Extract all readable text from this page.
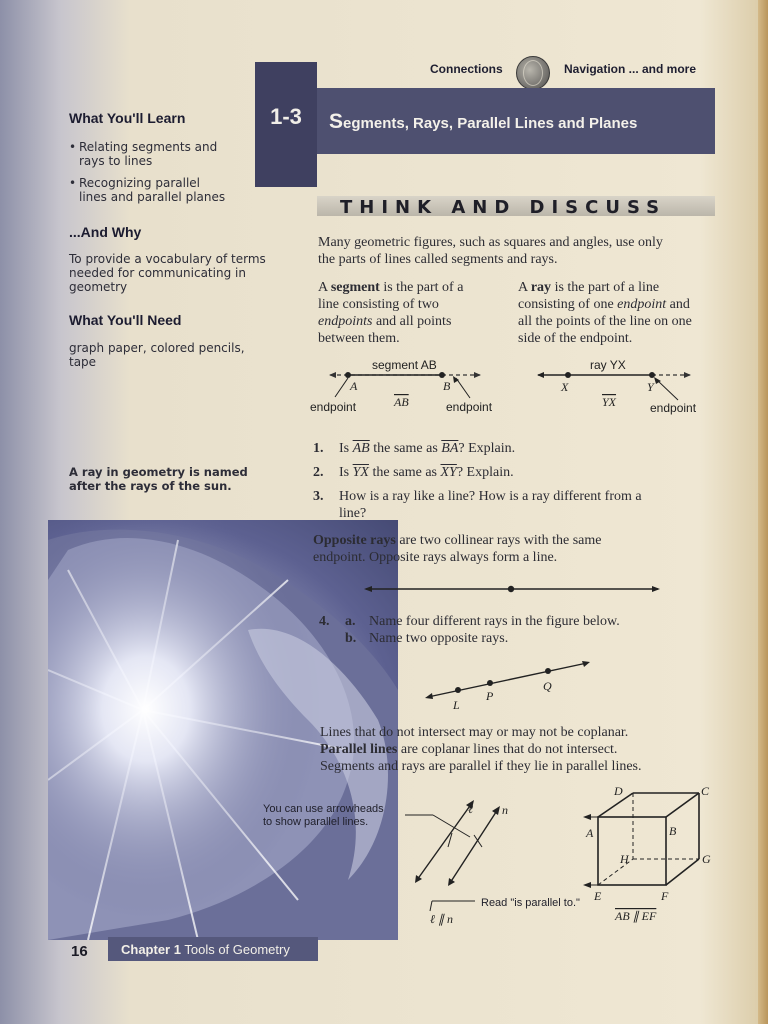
Connections	Navigation ... and more
1-3	Segments, Rays, Parallel Lines and Planes
What You'll Learn
• Relating segments and
rays to lines
• Recognizing parallel
lines and parallel planes
...And Why
To provide a vocabulary of terms
needed for communicating in
geometry
What You'll Need
graph paper, colored pencils,
tape
A ray in geometry is named
after the rays of the sun.
THINK AND DISCUSS
Many geometric figures, such as squares and angles, use only
the parts of lines called segments and rays.
A segment is the part of a
line consisting of two
endpoints and all points
between them.
A ray is the part of a line
consisting of one endpoint and
all the points of the line on one
side of the endpoint.
segment AB
A	B
endpoint	AB	endpoint
ray YX
X	Y
YX	endpoint
1. Is $\overline{AB}$ the same as $\overline{BA}$? Explain.
2. Is $\overline{YX}$ the same as $\overline{XY}$? Explain.
3. How is a ray like a line? How is a ray different from a
line?
Opposite rays are two collinear rays with the same
endpoint. Opposite rays always form a line.
4. a. Name four different rays in the figure below.
b. Name two opposite rays.
L
P
Q
Lines that do not intersect may or may not be coplanar.
Parallel lines are coplanar lines that do not intersect.
Segments and rays are parallel if they lie in parallel lines.
You can use arrowheads
to show parallel lines.
ℓ n
ℓ ∥ n
Read "is parallel to."
A	B
C
D
E	F
G
H
AB ∥ EF
16	Chapter 1 Tools of Geometry
